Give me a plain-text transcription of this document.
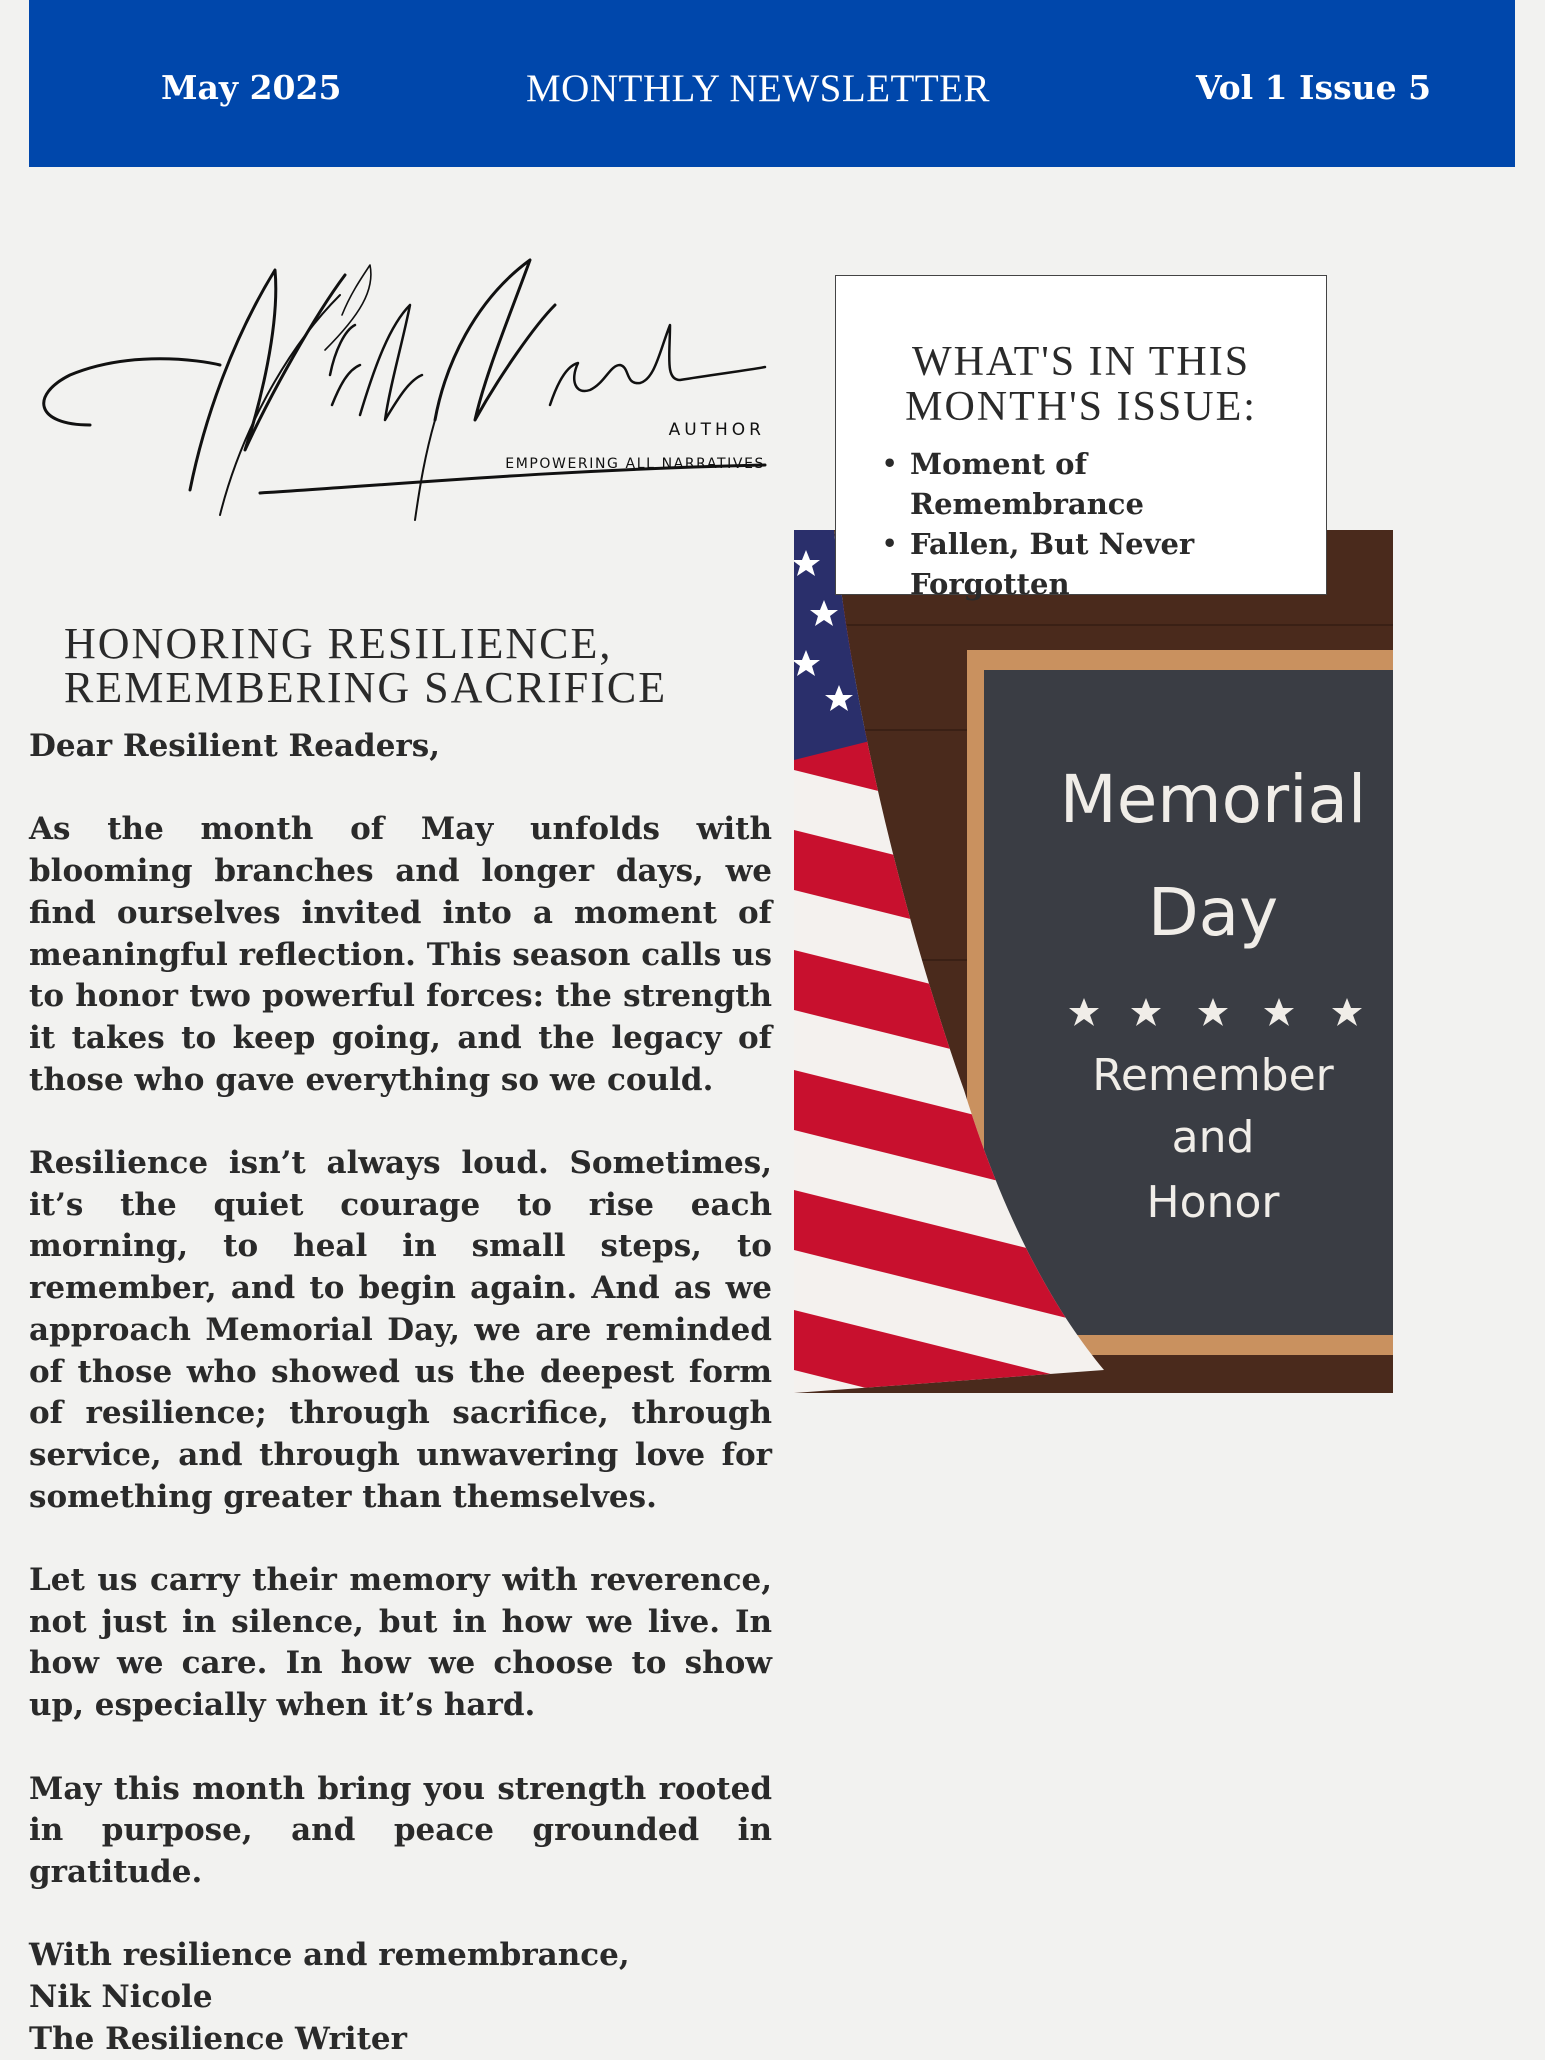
May 2025	MONTHLY NEWSLETTER	Vol 1 Issue 5
AUTHOR
EMPOWERING ALL NARRATIVES
HONORING RESILIENCE,
REMEMBERING SACRIFICE

Dear Resilient Readers,

As the month of May unfolds with blooming branches and longer days, we find ourselves invited into a moment of meaningful reflection. This season calls us to honor two powerful forces: the strength it takes to keep going, and the legacy of those who gave everything so we could.

Resilience isn’t always loud. Sometimes, it’s the quiet courage to rise each morning, to heal in small steps, to remember, and to begin again. And as we approach Memorial Day, we are reminded of those who showed us the deepest form of resilience; through sacrifice, through service, and through unwavering love for something greater than themselves.

Let us carry their memory with reverence, not just in silence, but in how we live. In how we care. In how we choose to show up, especially when it’s hard.

May this month bring you strength rooted in purpose, and peace grounded in gratitude.

With resilience and remembrance,
Nik Nicole
The Resilience Writer
Memorial
Day
Remember
and
Honor
WHAT'S IN THIS
MONTH'S ISSUE:
• Moment of Remembrance
• Fallen, But Never Forgotten
